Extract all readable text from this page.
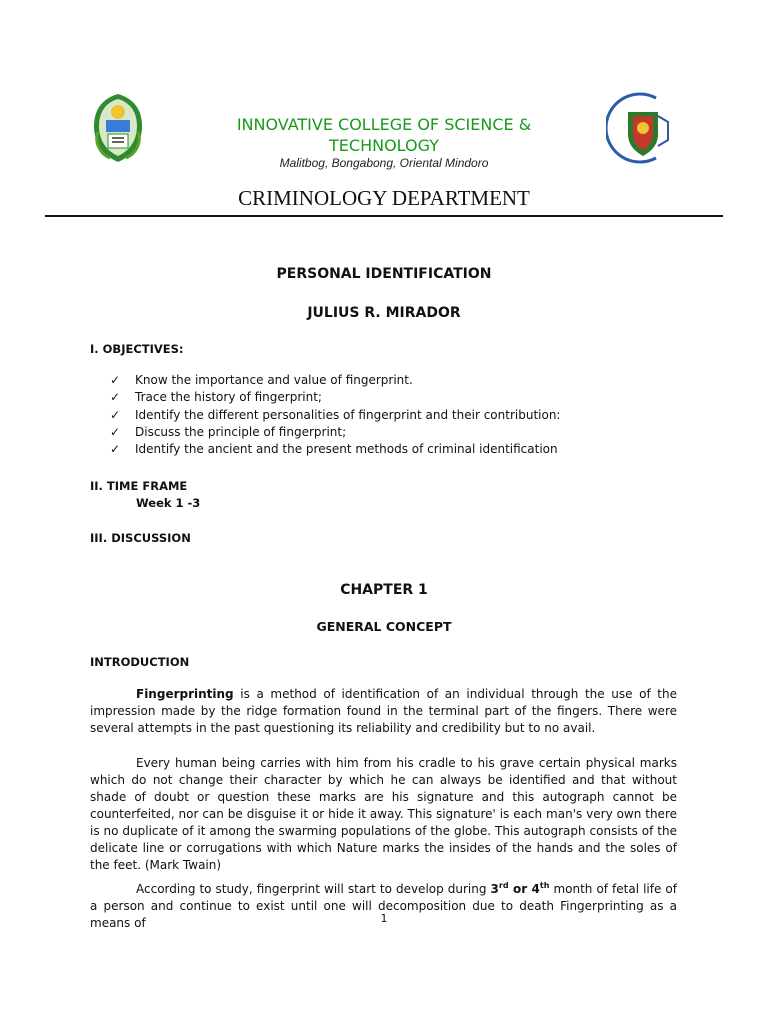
INNOVATIVE COLLEGE OF SCIENCE & TECHNOLOGY
Malitbog, Bongabong, Oriental Mindoro
CRIMINOLOGY DEPARTMENT
PERSONAL IDENTIFICATION
JULIUS R. MIRADOR
I. OBJECTIVES:
✓ Know the importance and value of fingerprint.
✓ Trace the history of fingerprint;
✓ Identify the different personalities of fingerprint and their contribution:
✓ Discuss the principle of fingerprint;
✓ Identify the ancient and the present methods of criminal identification
II. TIME FRAME
Week 1 -3
III. DISCUSSION
CHAPTER 1
GENERAL CONCEPT
INTRODUCTION

Fingerprinting is a method of identification of an individual through the use of the impression made by the ridge formation found in the terminal part of the fingers. There were several attempts in the past questioning its reliability and credibility but to no avail.

Every human being carries with him from his cradle to his grave certain physical marks which do not change their character by which he can always be identified and that without shade of doubt or question these marks are his signature and this autograph cannot be counterfeited, nor can be disguise it or hide it away. This signature' is each man's very own there is no duplicate of it among the swarming populations of the globe. This autograph consists of the delicate line or corrugations with which Nature marks the insides of the hands and the soles of the feet. (Mark Twain)

According to study, fingerprint will start to develop during 3rd or 4th month of fetal life of a person and continue to exist until one will decomposition due to death Fingerprinting as a means of	1
